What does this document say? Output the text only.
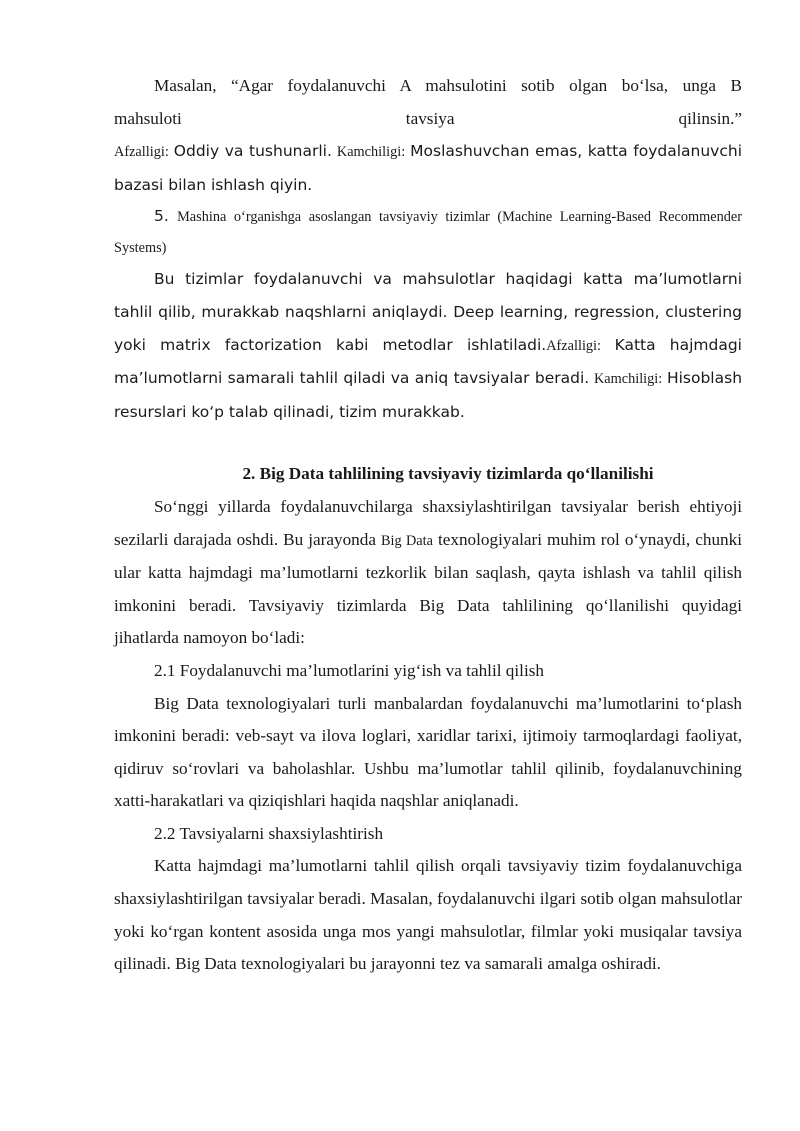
Masalan, “Agar foydalanuvchi A mahsulotini sotib olgan bo‘lsa, unga B

mahsuloti tavsiya qilinsin.”

Afzalligi: Oddiy va tushunarli. Kamchiligi: Moslashuvchan emas, katta foydalanuvchi bazasi bilan ishlash qiyin.

5. Mashina o‘rganishga asoslangan tavsiyaviy tizimlar (Machine Learning-Based Recommender Systems)

Bu tizimlar foydalanuvchi va mahsulotlar haqidagi katta ma’lumotlarni tahlil qilib, murakkab naqshlarni aniqlaydi. Deep learning, regression, clustering yoki matrix factorization kabi metodlar ishlatiladi.Afzalligi: Katta hajmdagi ma’lumotlarni samarali tahlil qiladi va aniq tavsiyalar beradi. Kamchiligi: Hisoblash resurslari ko‘p talab qilinadi, tizim murakkab.

2. Big Data tahlilining tavsiyaviy tizimlarda qo‘llanilishi

So‘nggi yillarda foydalanuvchilarga shaxsiylashtirilgan tavsiyalar berish ehtiyoji sezilarli darajada oshdi. Bu jarayonda Big Data texnologiyalari muhim rol o‘ynaydi, chunki ular katta hajmdagi ma’lumotlarni tezkorlik bilan saqlash, qayta ishlash va tahlil qilish imkonini beradi. Tavsiyaviy tizimlarda Big Data tahlilining qo‘llanilishi quyidagi jihatlarda namoyon bo‘ladi:

2.1 Foydalanuvchi ma’lumotlarini yig‘ish va tahlil qilish

Big Data texnologiyalari turli manbalardan foydalanuvchi ma’lumotlarini to‘plash imkonini beradi: veb-sayt va ilova loglari, xaridlar tarixi, ijtimoiy tarmoqlardagi faoliyat, qidiruv so‘rovlari va baholashlar. Ushbu ma’lumotlar tahlil qilinib, foydalanuvchining xatti-harakatlari va qiziqishlari haqida naqshlar aniqlanadi.

2.2 Tavsiyalarni shaxsiylashtirish

Katta hajmdagi ma’lumotlarni tahlil qilish orqali tavsiyaviy tizim foydalanuvchiga shaxsiylashtirilgan tavsiyalar beradi. Masalan, foydalanuvchi ilgari sotib olgan mahsulotlar yoki ko‘rgan kontent asosida unga mos yangi mahsulotlar, filmlar yoki musiqalar tavsiya qilinadi. Big Data texnologiyalari bu jarayonni tez va samarali amalga oshiradi.
